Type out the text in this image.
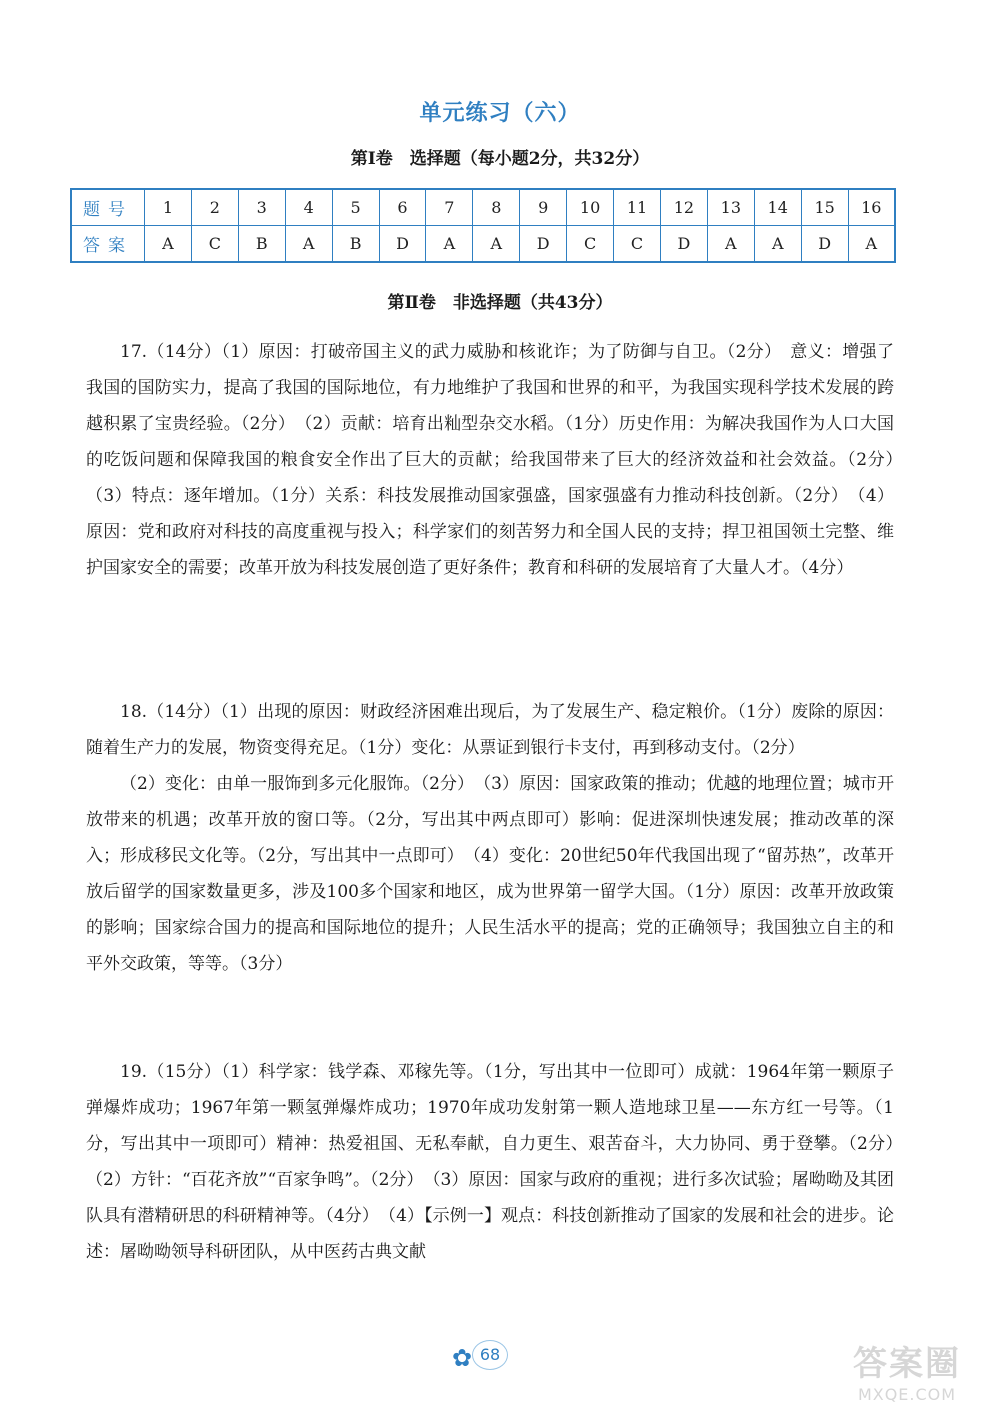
单元练习（六）
第Ⅰ卷　选择题（每小题2分，共32分）
题号	1	2	3	4	5	6	7	8	9	10	11	12	13	14	15	16
答案	A	C	B	A	B	D	A	A	D	C	C	D	A	A	D	A
第Ⅱ卷　非选择题（共43分）

17.（14分）（1）原因：打破帝国主义的武力威胁和核讹诈；为了防御与自卫。（2分）　意义：增强了我国的国防实力，提高了我国的国际地位，有力地维护了我国和世界的和平，为我国实现科学技术发展的跨越积累了宝贵经验。（2分）　（2）贡献：培育出籼型杂交水稻。（1分）历史作用：为解决我国作为人口大国的吃饭问题和保障我国的粮食安全作出了巨大的贡献；给我国带来了巨大的经济效益和社会效益。（2分）　（3）特点：逐年增加。（1分）关系：科技发展推动国家强盛，国家强盛有力推动科技创新。（2分）　（4）原因：党和政府对科技的高度重视与投入；科学家们的刻苦努力和全国人民的支持；捍卫祖国领土完整、维护国家安全的需要；改革开放为科技发展创造了更好条件；教育和科研的发展培育了大量人才。（4分）

18.（14分）（1）出现的原因：财政经济困难出现后，为了发展生产、稳定粮价。（1分）废除的原因：随着生产力的发展，物资变得充足。（1分）变化：从票证到银行卡支付，再到移动支付。（2分）

（2）变化：由单一服饰到多元化服饰。（2分）　（3）原因：国家政策的推动；优越的地理位置；城市开放带来的机遇；改革开放的窗口等。（2分，写出其中两点即可）影响：促进深圳快速发展；推动改革的深入；形成移民文化等。（2分，写出其中一点即可）　（4）变化：20世纪50年代我国出现了“留苏热”，改革开放后留学的国家数量更多，涉及100多个国家和地区，成为世界第一留学大国。（1分）原因：改革开放政策的影响；国家综合国力的提高和国际地位的提升；人民生活水平的提高；党的正确领导；我国独立自主的和平外交政策，等等。（3分）

19.（15分）（1）科学家：钱学森、邓稼先等。（1分，写出其中一位即可）成就：1964年第一颗原子弹爆炸成功；1967年第一颗氢弹爆炸成功；1970年成功发射第一颗人造地球卫星——东方红一号等。（1分，写出其中一项即可）精神：热爱祖国、无私奉献，自力更生、艰苦奋斗，大力协同、勇于登攀。（2分）　（2）方针：“百花齐放”“百家争鸣”。（2分）　（3）原因：国家与政府的重视；进行多次试验；屠呦呦及其团队具有潜精研思的科研精神等。（4分）　（4）【示例一】观点：科技创新推动了国家的发展和社会的进步。论述：屠呦呦领导科研团队，从中医药古典文献

✿ 68	答案圈
MXQE.COM
